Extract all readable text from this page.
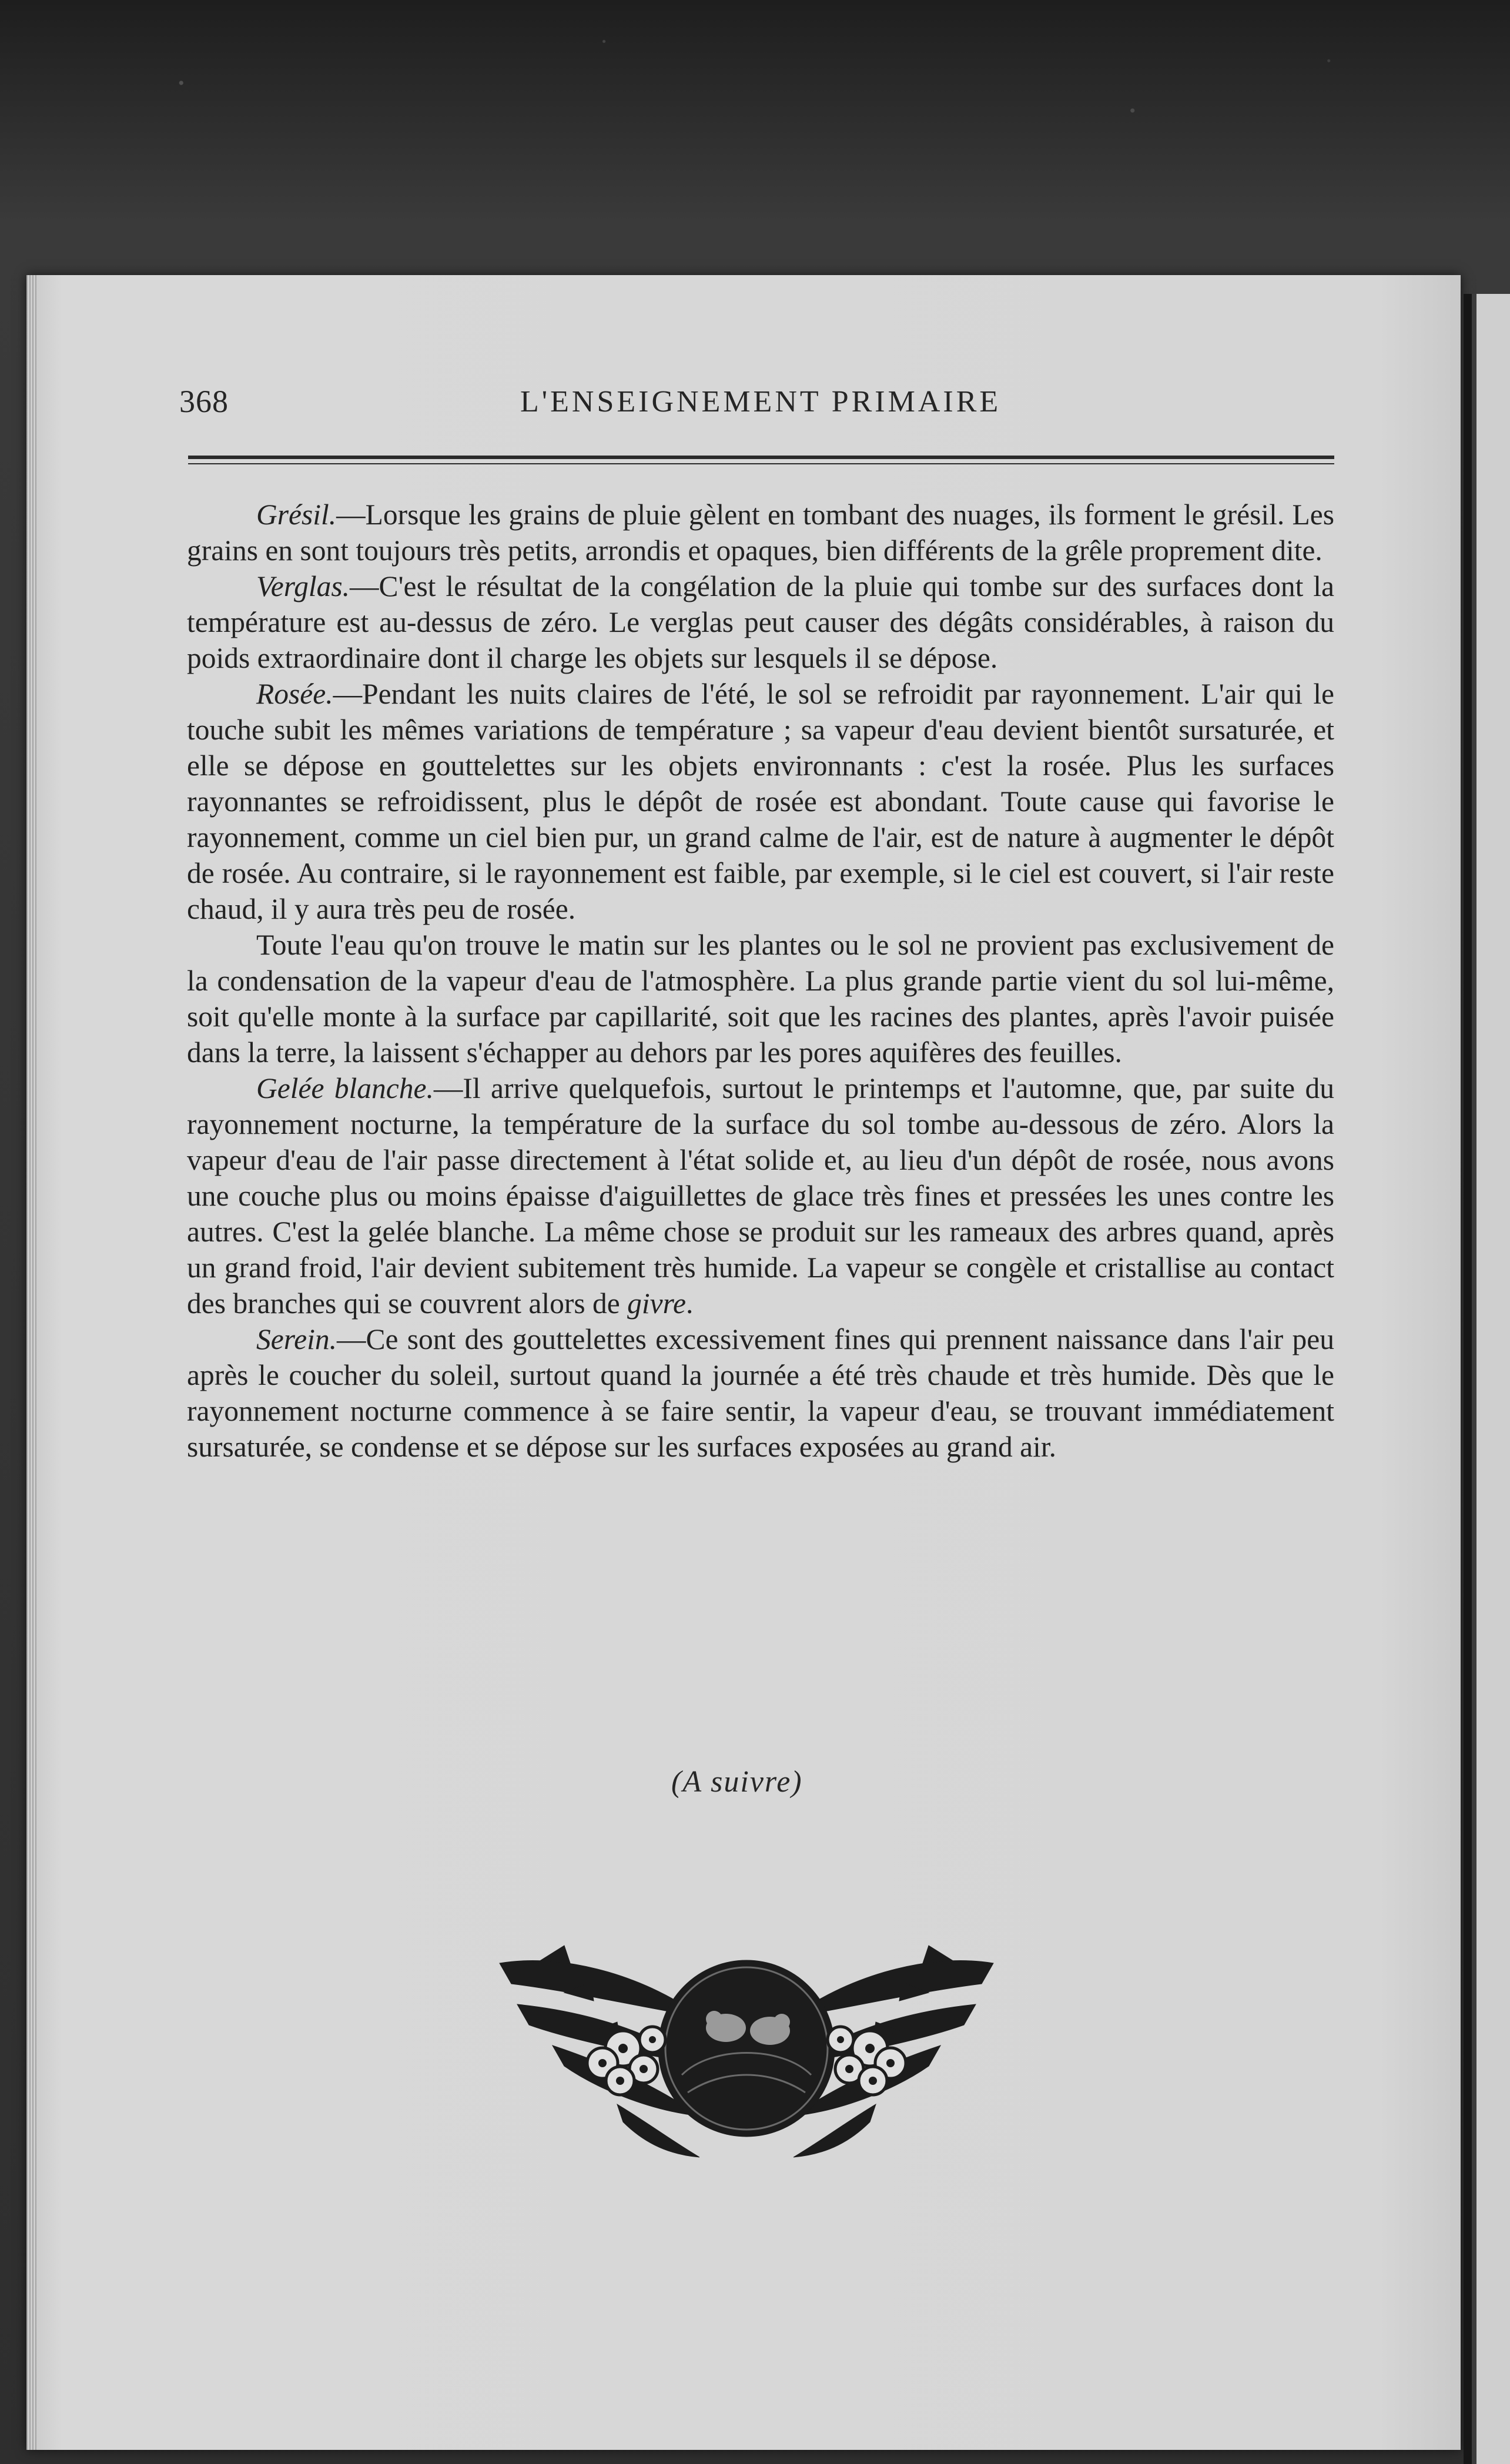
368	L'ENSEIGNEMENT PRIMAIRE

Grésil.—Lorsque les grains de pluie gèlent en tombant des nuages, ils forment le grésil. Les grains en sont toujours très petits, arrondis et opaques, bien différents de la grêle proprement dite.

Verglas.—C'est le résultat de la congélation de la pluie qui tombe sur des surfaces dont la température est au-dessus de zéro. Le verglas peut causer des dégâts considérables, à raison du poids extraordinaire dont il charge les objets sur lesquels il se dépose.

Rosée.—Pendant les nuits claires de l'été, le sol se refroidit par rayonnement. L'air qui le touche subit les mêmes variations de température ; sa vapeur d'eau devient bientôt sursaturée, et elle se dépose en gouttelettes sur les objets environnants : c'est la rosée. Plus les surfaces rayonnantes se refroidissent, plus le dépôt de rosée est abondant. Toute cause qui favorise le rayonnement, comme un ciel bien pur, un grand calme de l'air, est de nature à augmenter le dépôt de rosée. Au contraire, si le rayonnement est faible, par exemple, si le ciel est couvert, si l'air reste chaud, il y aura très peu de rosée.

Toute l'eau qu'on trouve le matin sur les plantes ou le sol ne provient pas exclusivement de la condensation de la vapeur d'eau de l'atmosphère. La plus grande partie vient du sol lui-même, soit qu'elle monte à la surface par capillarité, soit que les racines des plantes, après l'avoir puisée dans la terre, la laissent s'échapper au dehors par les pores aquifères des feuilles.

Gelée blanche.—Il arrive quelquefois, surtout le printemps et l'automne, que, par suite du rayonnement nocturne, la température de la surface du sol tombe au-dessous de zéro. Alors la vapeur d'eau de l'air passe directement à l'état solide et, au lieu d'un dépôt de rosée, nous avons une couche plus ou moins épaisse d'aiguillettes de glace très fines et pressées les unes contre les autres. C'est la gelée blanche. La même chose se produit sur les rameaux des arbres quand, après un grand froid, l'air devient subitement très humide. La vapeur se congèle et cristallise au contact des branches qui se couvrent alors de givre.

Serein.—Ce sont des gouttelettes excessivement fines qui prennent naissance dans l'air peu après le coucher du soleil, surtout quand la journée a été très chaude et très humide. Dès que le rayonnement nocturne commence à se faire sentir, la vapeur d'eau, se trouvant immédiatement sursaturée, se condense et se dépose sur les surfaces exposées au grand air.

(A suivre)
